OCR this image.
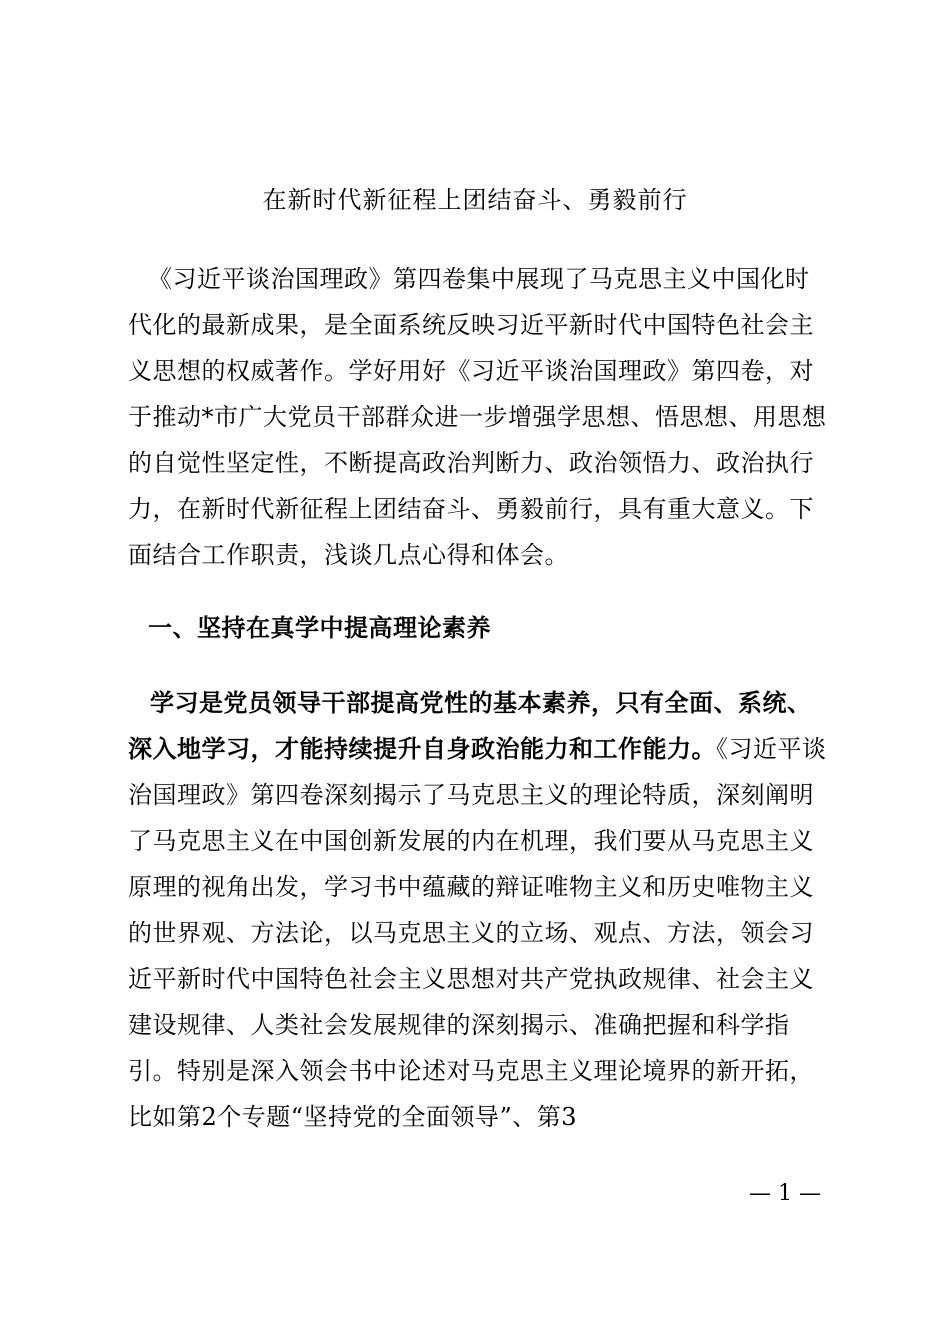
在新时代新征程上团结奋斗、勇毅前行
《习近平谈治国理政》第四卷集中展现了马克思主义中国化时代化的最新成果，是全面系统反映习近平新时代中国特色社会主义思想的权威著作。学好用好《习近平谈治国理政》第四卷，对于推动*市广大党员干部群众进一步增强学思想、悟思想、用思想的自觉性坚定性，不断提高政治判断力、政治领悟力、政治执行力，在新时代新征程上团结奋斗、勇毅前行，具有重大意义。下面结合工作职责，浅谈几点心得和体会。
一、坚持在真学中提高理论素养
学习是党员领导干部提高党性的基本素养，只有全面、系统、深入地学习，才能持续提升自身政治能力和工作能力。《习近平谈治国理政》第四卷深刻揭示了马克思主义的理论特质，深刻阐明了马克思主义在中国创新发展的内在机理，我们要从马克思主义原理的视角出发，学习书中蕴藏的辩证唯物主义和历史唯物主义的世界观、方法论，以马克思主义的立场、观点、方法，领会习近平新时代中国特色社会主义思想对共产党执政规律、社会主义建设规律、人类社会发展规律的深刻揭示、准确把握和科学指引。特别是深入领会书中论述对马克思主义理论境界的新开拓，比如第2个专题“坚持党的全面领导”、第3
— 1 —
